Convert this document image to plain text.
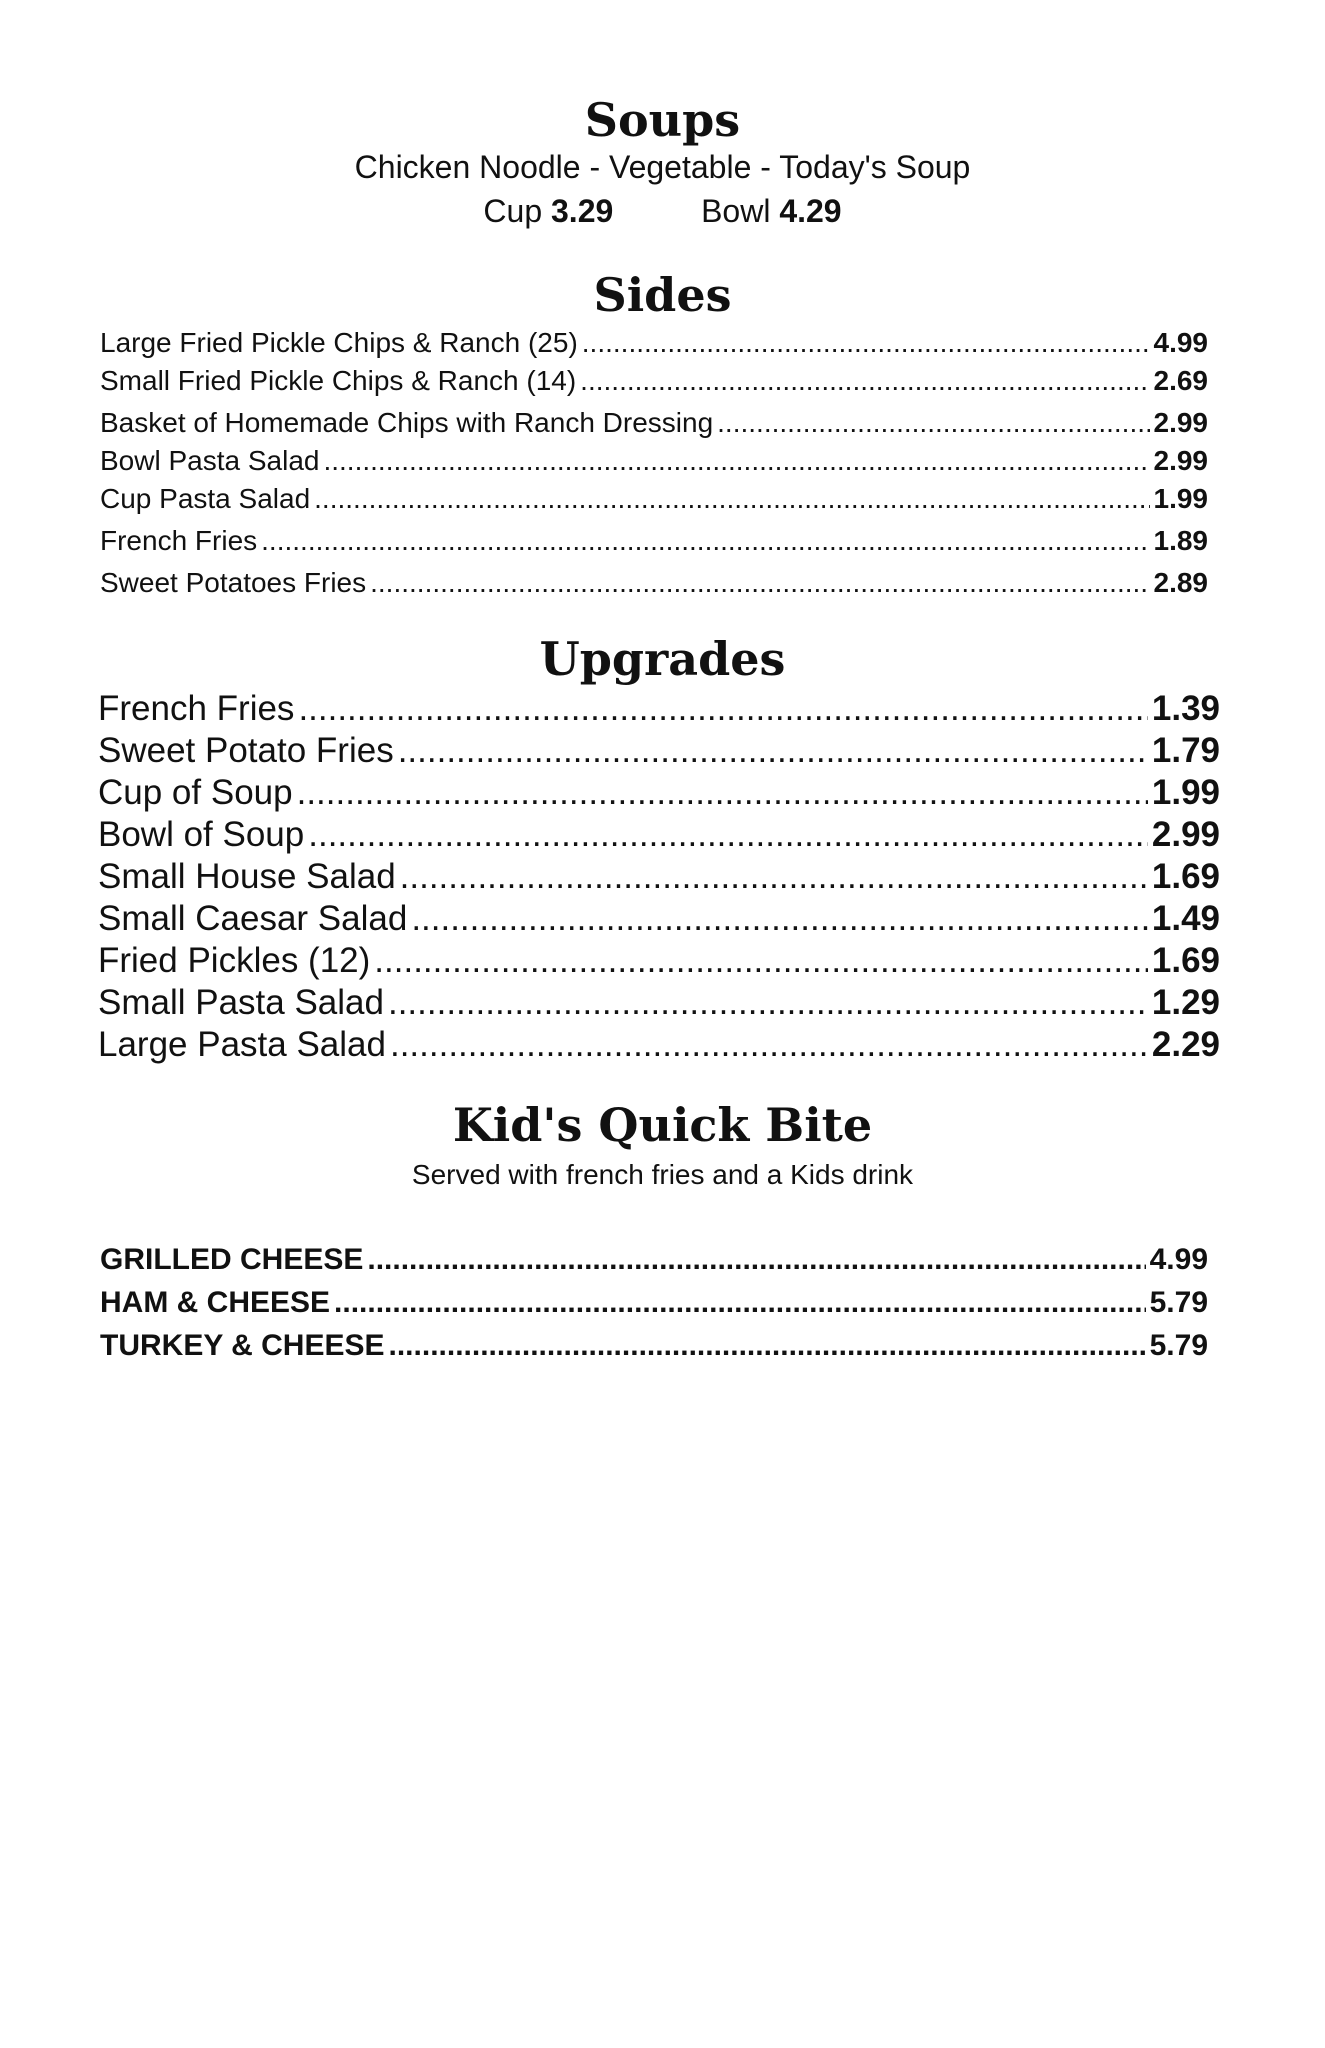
Soups

Chicken Noodle - Vegetable - Today's Soup

Cup 3.29	Bowl 4.29

Sides
Large Fried Pickle Chips & Ranch (25) .....	4.99
Small Fried Pickle Chips & Ranch (14) .....	2.69
Basket of Homemade Chips with Ranch Dressing .....	2.99
Bowl Pasta Salad .....	2.99
Cup Pasta Salad .....	1.99
French Fries .....	1.89
Sweet Potatoes Fries .....	2.89
Upgrades
French Fries .....	1.39
Sweet Potato Fries .....	1.79
Cup of Soup .....	1.99
Bowl of Soup .....	2.99
Small House Salad .....	1.69
Small Caesar Salad .....	1.49
Fried Pickles (12) .....	1.69
Small Pasta Salad .....	1.29
Large Pasta Salad .....	2.29
Kid's Quick Bite

Served with french fries and a Kids drink

GRILLED CHEESE .....	4.99
HAM & CHEESE .....	5.79
TURKEY & CHEESE .....	5.79
